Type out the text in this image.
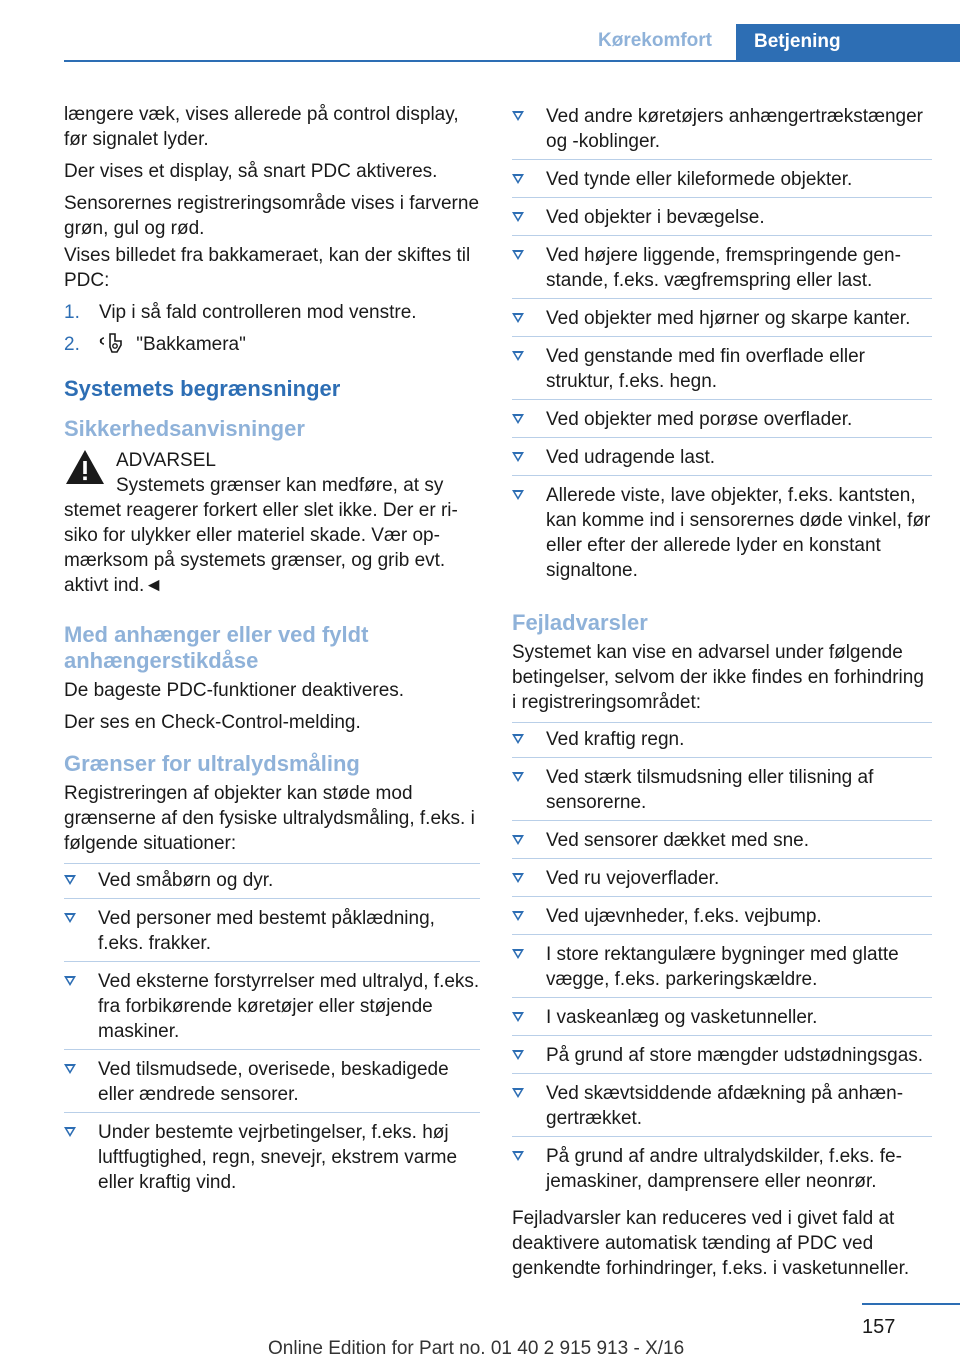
Kørekomfort Betjening

længere væk, vises allerede på control display, før signalet lyder.

Der vises et display, så snart PDC aktiveres.

Sensorernes registreringsområde vises i farverne grøn, gul og rød.

Vises billedet fra bakkameraet, kan der skiftes til PDC:

1. Vip i så fald controlleren mod venstre.
2.	"Bakkamera"
Systemets begrænsninger
Sikkerhedsanvisninger

ADVARSEL

Systemets grænser kan medføre, at sy

stemet reagerer forkert eller slet ikke. Der er risiko for ulykker eller materiel skade. Vær opmærksom på systemets grænser, og grib evt. aktivt ind.◄

Med anhænger eller ved fyldt anhængerstikdåse

De bageste PDC-funktioner deaktiveres.

Der ses en Check-Control-melding.

Grænser for ultralydsmåling

Registreringen af objekter kan støde mod grænserne af den fysiske ultralydsmåling, f.eks. i følgende situationer:

Ved småbørn og dyr.
Ved personer med bestemt påklædning, f.eks. frakker.
Ved eksterne forstyrrelser med ultralyd, f.eks. fra forbikørende køretøjer eller støjende maskiner.
Ved tilsmudsede, overisede, beskadigede eller ændrede sensorer.
Under bestemte vejrbetingelser, f.eks. høj luftfugtighed, regn, snevejr, ekstrem varme eller kraftig vind.
Ved andre køretøjers anhængertrækstænger og -koblinger.
Ved tynde eller kileformede objekter.
Ved objekter i bevægelse.
Ved højere liggende, fremspringende genstande, f.eks. vægfremspring eller last.
Ved objekter med hjørner og skarpe kanter.
Ved genstande med fin overflade eller struktur, f.eks. hegn.
Ved objekter med porøse overflader.
Ved udragende last.
Allerede viste, lave objekter, f.eks. kantsten, kan komme ind i sensorernes døde vinkel, før eller efter der allerede lyder en konstant signaltone.
Fejladvarsler

Systemet kan vise en advarsel under følgende betingelser, selvom der ikke findes en forhindring i registreringsområdet:

Ved kraftig regn.
Ved stærk tilsmudsning eller tilisning af sensorerne.
Ved sensorer dækket med sne.
Ved ru vejoverflader.
Ved ujævnheder, f.eks. vejbump.
I store rektangulære bygninger med glatte vægge, f.eks. parkeringskældre.
I vaskeanlæg og vasketunneller.
På grund af store mængder udstødningsgas.
Ved skævtsiddende afdækning på anhængertrækket.
På grund af andre ultralydskilder, f.eks. fejemaskiner, damprensere eller neonrør.

Fejladvarsler kan reduceres ved i givet fald at deaktivere automatisk tænding af PDC ved genkendte forhindringer, f.eks. i vasketunneller.

157
Online Edition for Part no. 01 40 2 915 913 - X/16
